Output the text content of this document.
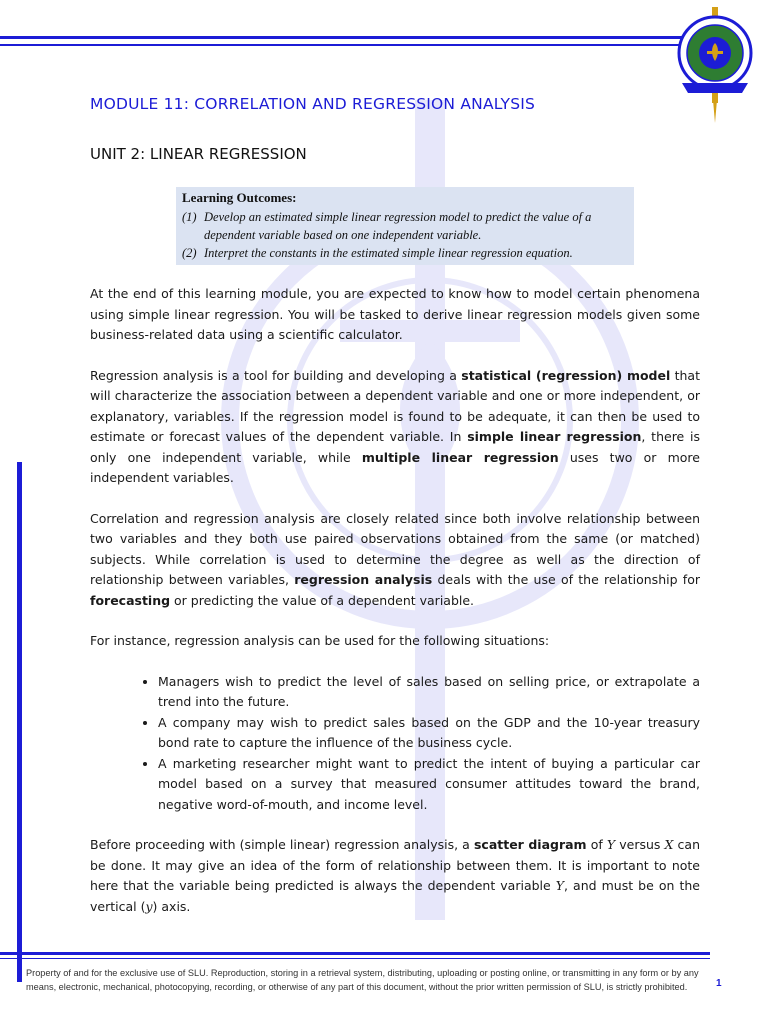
MODULE 11: CORRELATION AND REGRESSION ANALYSIS
UNIT 2: LINEAR REGRESSION
Learning Outcomes:
(1) Develop an estimated simple linear regression model to predict the value of a dependent variable based on one independent variable.
(2) Interpret the constants in the estimated simple linear regression equation.

At the end of this learning module, you are expected to know how to model certain phenomena using simple linear regression. You will be tasked to derive linear regression models given some business-related data using a scientific calculator.

Regression analysis is a tool for building and developing a statistical (regression) model that will characterize the association between a dependent variable and one or more independent, or explanatory, variables. If the regression model is found to be adequate, it can then be used to estimate or forecast values of the dependent variable. In simple linear regression, there is only one independent variable, while multiple linear regression uses two or more independent variables.

Correlation and regression analysis are closely related since both involve relationship between two variables and they both use paired observations obtained from the same (or matched) subjects. While correlation is used to determine the degree as well as the direction of relationship between variables, regression analysis deals with the use of the relationship for forecasting or predicting the value of a dependent variable.

For instance, regression analysis can be used for the following situations:

• Managers wish to predict the level of sales based on selling price, or extrapolate a trend into the future.
• A company may wish to predict sales based on the GDP and the 10-year treasury bond rate to capture the influence of the business cycle.
• A marketing researcher might want to predict the intent of buying a particular car model based on a survey that measured consumer attitudes toward the brand, negative word-of-mouth, and income level.

Before proceeding with (simple linear) regression analysis, a scatter diagram of Y versus X can be done. It may give an idea of the form of relationship between them. It is important to note here that the variable being predicted is always the dependent variable Y, and must be on the vertical (y) axis.

Property of and for the exclusive use of SLU. Reproduction, storing in a retrieval system, distributing, uploading or posting online, or transmitting in any form or by any means, electronic, mechanical, photocopying, recording, or otherwise of any part of this document, without the prior written permission of SLU, is strictly prohibited.	1
